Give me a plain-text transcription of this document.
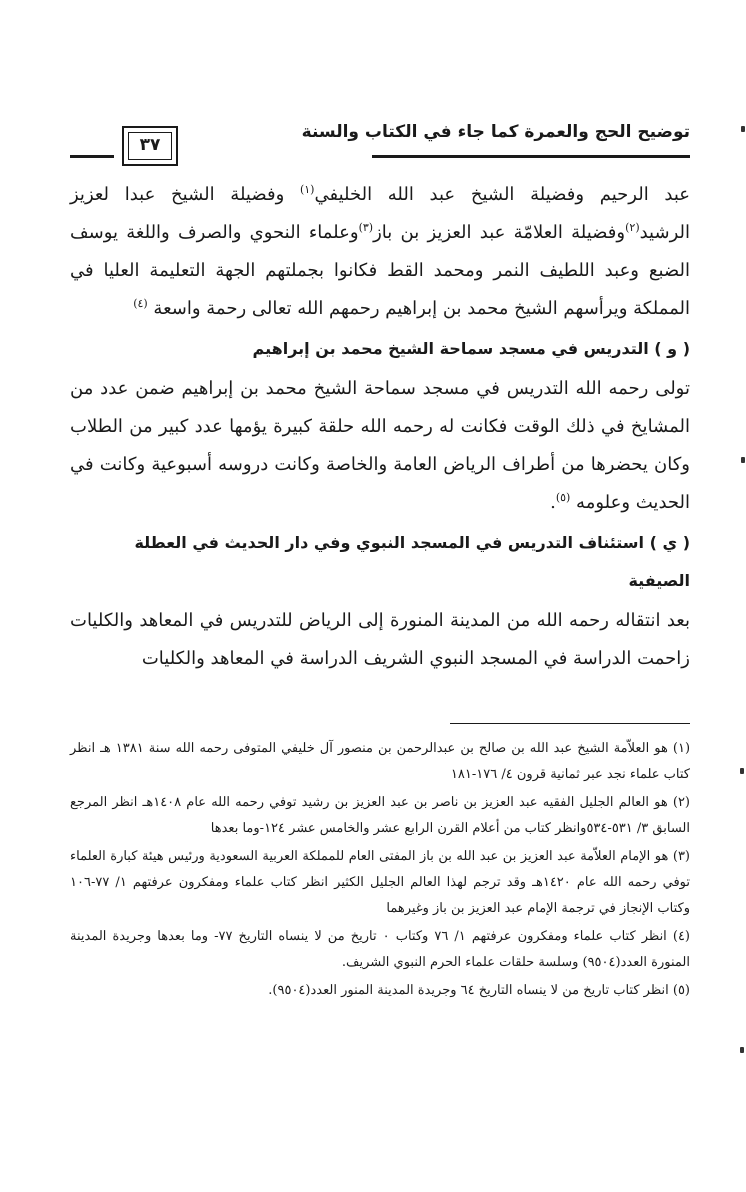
توضيح الحج والعمرة كما جاء في الكتاب والسنة
٣٧

عبد الرحيم وفضيلة الشيخ عبد الله الخليفي$^{(١)}$ وفضيلة الشيخ عبدا لعزيز الرشيد$^{(٢)}$وفضيلة العلامّة عبد العزيز بن باز$^{(٣)}$وعلماء النحوي والصرف واللغة يوسف الضبع وعبد اللطيف النمر ومحمد القط فكانوا بجملتهم الجهة التعليمة العليا في المملكة ويرأسهم الشيخ محمد بن إبراهيم رحمهم الله تعالى رحمة واسعة $^{(٤)}$

( و ) التدريس في مسجد سماحة الشيخ محمد بن إبراهيم

تولى رحمه الله التدريس في مسجد سماحة الشيخ محمد بن إبراهيم ضمن عدد من المشايخ في ذلك الوقت فكانت له رحمه الله حلقة كبيرة يؤمها عدد كبير من الطلاب وكان يحضرها من أطراف الرياض العامة والخاصة وكانت دروسه أسبوعية وكانت في الحديث وعلومه $^{(٥)}$.

( ي ) استئناف التدريس في المسجد النبوي وفي دار الحديث في العطلة الصيفية

بعد انتقاله رحمه الله من المدينة المنورة إلى الرياض للتدريس في المعاهد والكليات زاحمت الدراسة في المسجد النبوي الشريف الدراسة في المعاهد والكليات

(١) هو العلاّمة الشيخ عبد الله بن صالح بن عبدالرحمن بن منصور آل خليفي المتوفى رحمه الله سنة ١٣٨١ هـ انظر كتاب علماء نجد عبر ثمانية قرون ٤/ ١٧٦-١٨١

(٢) هو العالم الجليل الفقيه عبد العزيز بن ناصر بن عبد العزيز بن رشيد توفي رحمه الله عام ١٤٠٨هـ انظر المرجع السابق ٣/ ٥٣١-٥٣٤وانظر كتاب من أعلام القرن الرابع عشر والخامس عشر ١٢٤-وما بعدها

(٣) هو الإمام العلاّمة عبد العزيز بن عبد الله بن باز المفتى العام للمملكة العربية السعودية ورئيس هيئة كبارة العلماء توفي رحمه الله عام ١٤٢٠هـ وقد ترجم لهذا العالم الجليل الكثير انظر كتاب علماء ومفكرون عرفتهم ١/ ٧٧-١٠٦ وكتاب الإنجاز في ترجمة الإمام عبد العزيز بن باز وغيرهما

(٤) انظر كتاب علماء ومفكرون عرفتهم ١/ ٧٦ وكتاب ٠ تاريخ من لا ينساه التاريخ ٧٧- وما بعدها وجريدة المدينة المنورة العدد(٩٥٠٤) وسلسة حلقات علماء الحرم النبوي الشريف.

(٥) انظر كتاب تاريخ من لا ينساه التاريخ ٦٤ وجريدة المدينة المنور العدد(٩٥٠٤).
